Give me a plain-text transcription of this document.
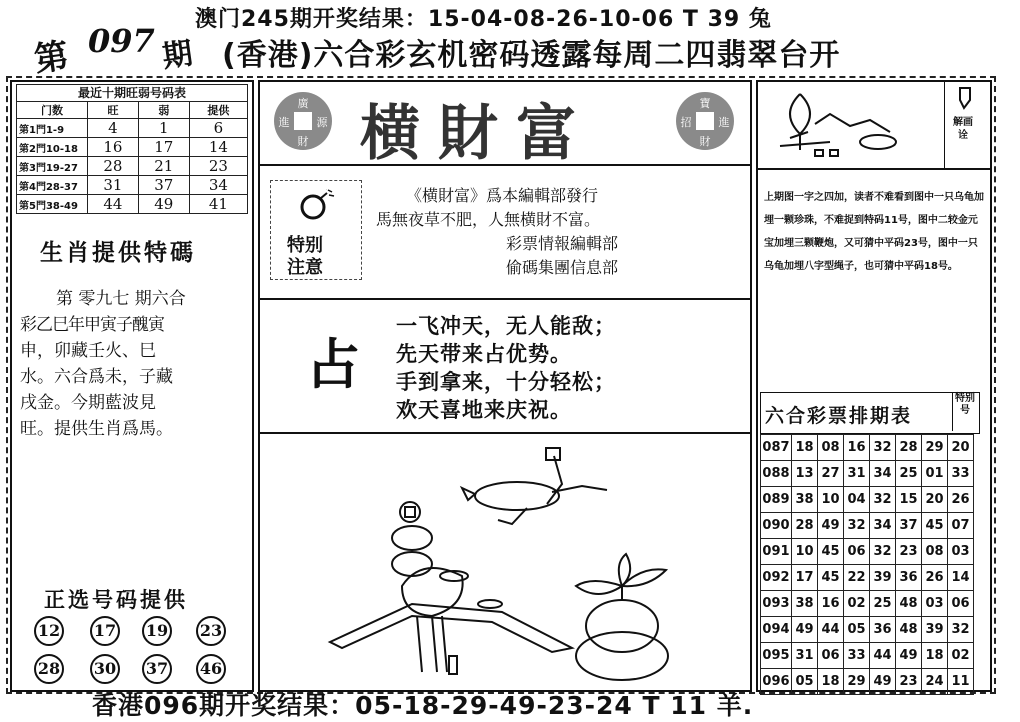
澳门245期开奖结果：15-04-08-26-10-06 T 39 兔
第 097 期 (香港)六合彩玄机密码透露每周二四翡翠台开
最近十期旺弱号码表
门数	旺	弱	提供
第1門1-9	4	1	6
第2門10-18	16	17	14
第3門19-27	28	21	23
第4門28-37	31	37	34
第5門38-49	44	49	41
生肖提供特碼
第 零九七 期六合
彩乙巳年甲寅子醜寅
申，卯藏壬火、巳
水。六合爲未，子藏
戌金。今期藍波見
旺。提供生肖爲馬。
正选号码提供
12 17 19 23
28 30 37 46
廣
進 源
財 横財富	寶
招 進
財
特别
注意
《横財富》爲本編輯部發行
馬無夜草不肥，人無横財不富。
彩票情報編輯部
偷碼集團信息部
占
一飞冲天，无人能敌；
先天带来占优势。
手到拿来，十分轻松；
欢天喜地来庆祝。
解画诠
上期图一字之四加，读者不难看到图中一只乌龟加埋一颗珍珠，不难捉到特码11号，图中二较金元宝加埋三颗鞭炮，又可猜中平码23号，图中一只乌龟加埋八字型绳子，也可猜中平码18号。
六合彩票排期表
特别号
087	18	08	16	32	28	29	20
088	13	27	31	34	25	01	33
089	38	10	04	32	15	20	26
090	28	49	32	34	37	45	07
091	10	45	06	32	23	08	03
092	17	45	22	39	36	26	14
093	38	16	02	25	48	03	06
094	49	44	05	36	48	39	32
095	31	06	33	44	49	18	02
096	05	18	29	49	23	24	11
香港096期开奖结果：05-18-29-49-23-24 T 11 羊.
